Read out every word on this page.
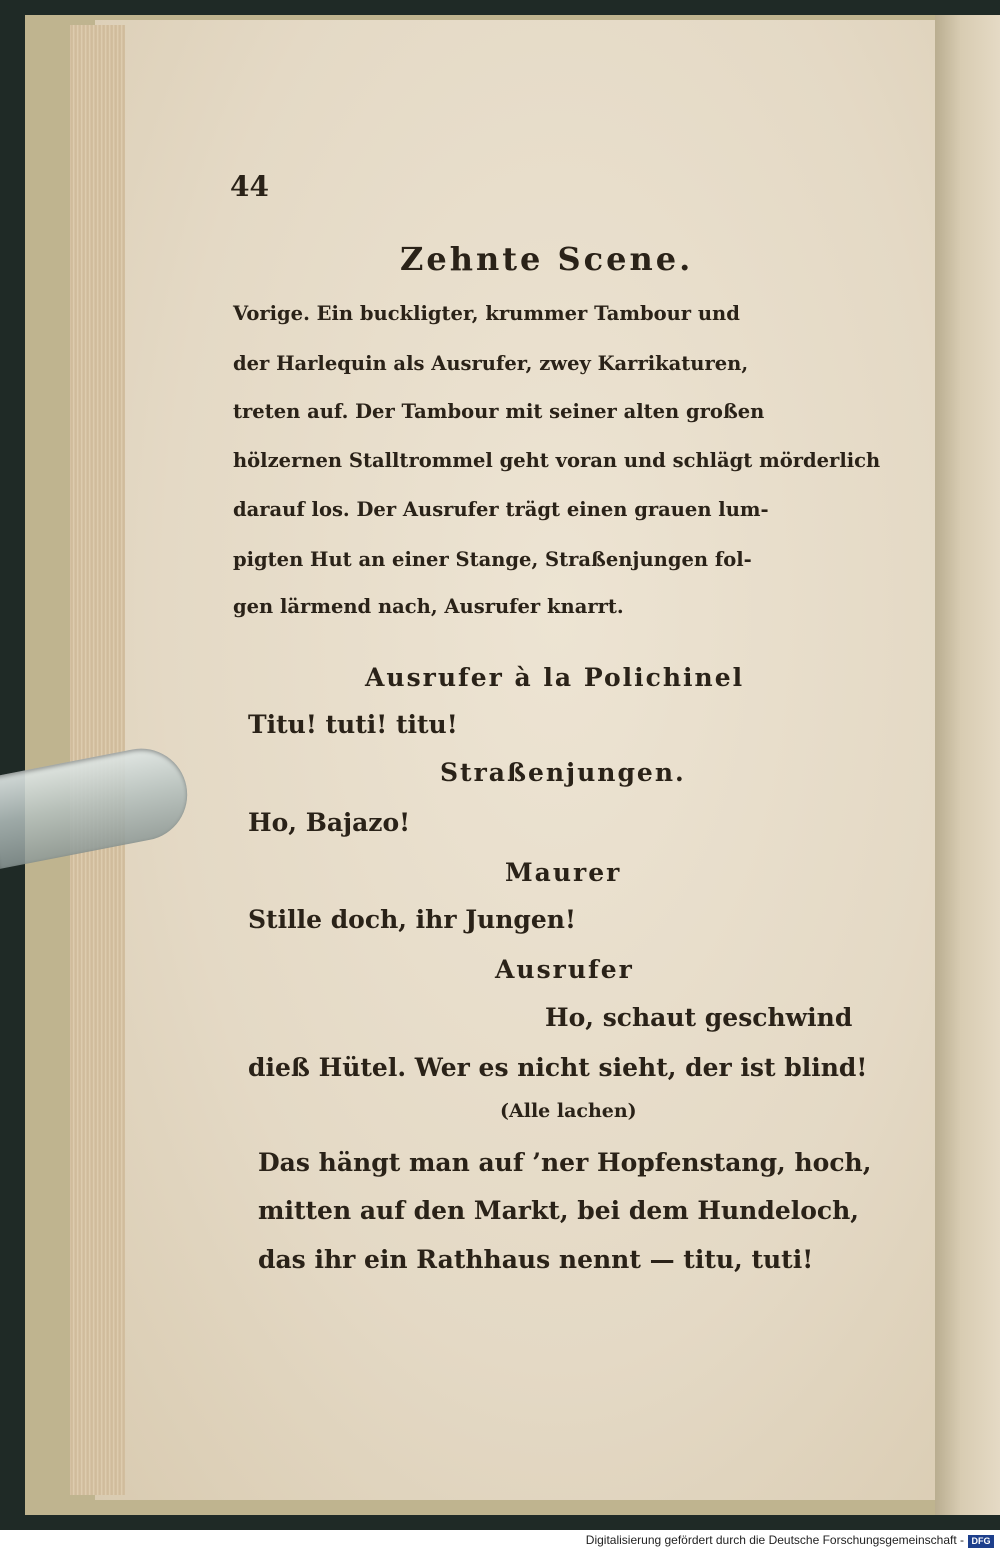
44
Zehnte Scene.
Vorige. Ein buckligter, krummer Tambour und
der Harlequin als Ausrufer, zwey Karrikaturen,
treten auf. Der Tambour mit seiner alten großen
hölzernen Stalltrommel geht voran und schlägt mörderlich
darauf los. Der Ausrufer trägt einen grauen lum-
pigten Hut an einer Stange, Straßenjungen fol-
gen lärmend nach, Ausrufer knarrt.
Ausrufer à la Polichinel
Titu! tuti! titu!
Straßenjungen.
Ho, Bajazo!
Maurer
Stille doch, ihr Jungen!
Ausrufer
Ho, schaut geschwind
dieß Hütel. Wer es nicht sieht, der ist blind!
(Alle lachen)
Das hängt man auf ’ner Hopfenstang, hoch,
mitten auf den Markt, bei dem Hundeloch,
das ihr ein Rathhaus nennt — titu, tuti!
Digitalisierung gefördert durch die Deutsche Forschungsgemeinschaft - DFG
